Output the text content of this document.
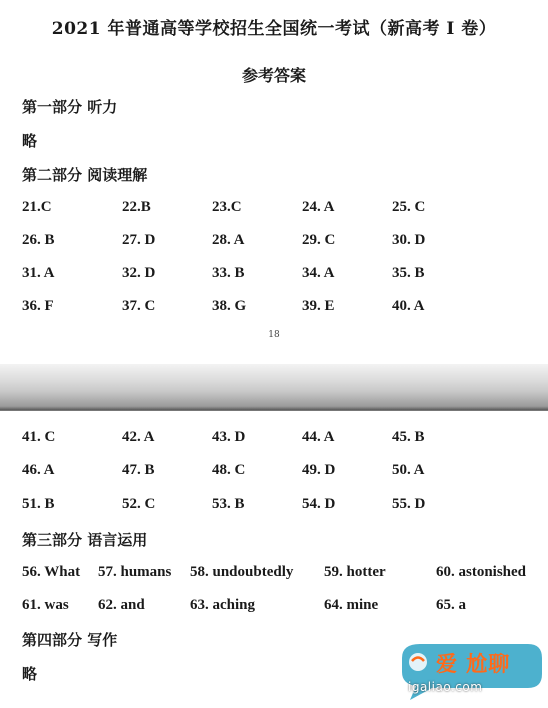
2021 年普通高等学校招生全国统一考试（新高考 I 卷）
参考答案
第一部分 听力
略
第二部分 阅读理解
21.C	22.B	23.C	24. A	25. C
26. B	27. D	28. A	29. C	30. D
31. A	32. D	33. B	34. A	35. B
36. F	37. C	38. G	39. E	40. A
18
41. C	42. A	43. D	44. A	45. B
46. A	47. B	48. C	49. D	50. A
51. B	52. C	53. B	54. D	55. D
第三部分 语言运用
56. What 57. humans 58. undoubtedly 59. hotter	60. astonished
61. was 62. and	63. aching	64. mine	65. a
第四部分 写作
略	爱 尬聊
igaliao.com
